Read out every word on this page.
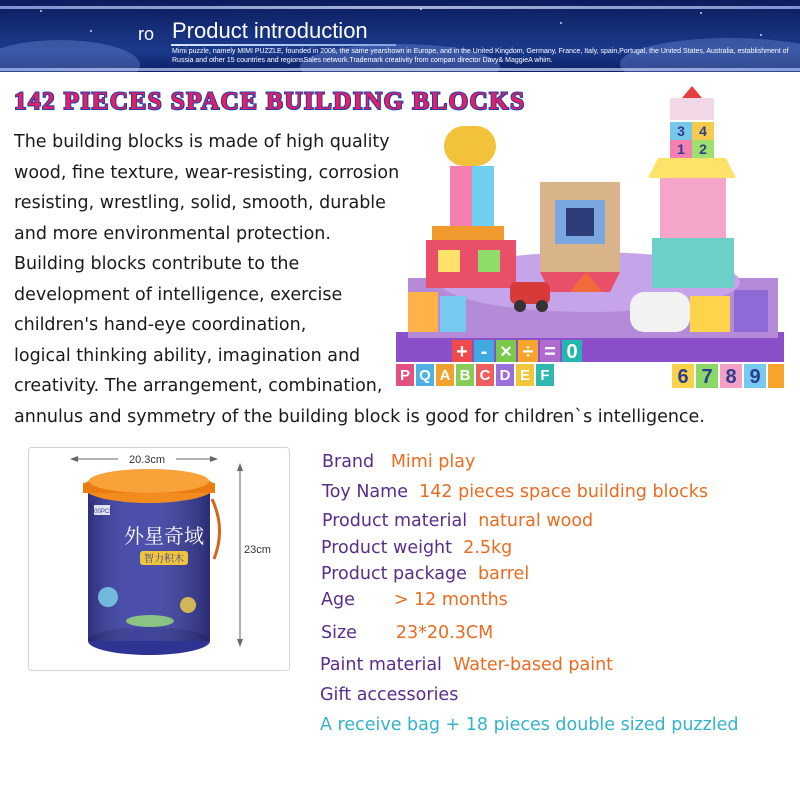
ro Product introduction
Mimi puzzle, namely MIMI PUZZLE, founded in 2006, the same yearshown in Europe, and in the United Kingdom, Germany, France, Italy, spain,Portugal, the United States, Australia, establishment of Russia and other 15 countries and regionsSales network.Trademark creativity from compan director Davy& MaggieA whim.
142 PIECES SPACE BUILDING BLOCKS
3 4
1 2
+ - × ÷ = 0
P Q A B C D E F	6 7 8 9
The building blocks is made of high quality
wood, fine texture, wear-resisting, corrosion
resisting, wrestling, solid, smooth, durable
and more environmental protection.
Building blocks contribute to the
development of intelligence, exercise
children's hand-eye coordination,
logical thinking ability, imagination and
creativity. The arrangement, combination,
annulus and symmetry of the building block is good for children`s intelligence.
20.3cm
23cm
100PCS
外星奇域
智力积木
Brand Mimi play
Toy Name 142 pieces space building blocks
Product material natural wood
Product weight 2.5kg
Product package barrel
Age > 12 months
Size 23*20.3CM
Paint material Water-based paint
Gift accessories
A receive bag + 18 pieces double sized puzzled
